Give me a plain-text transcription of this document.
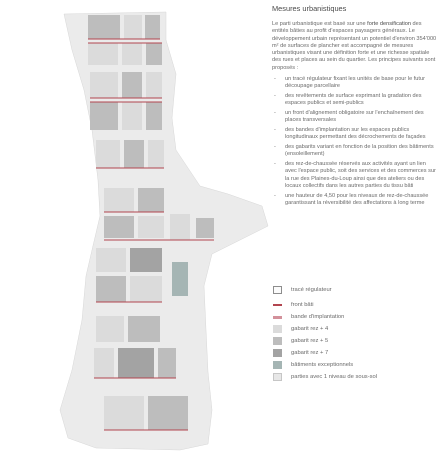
Mesures urbanistiques

Le parti urbanistique est basé sur une forte densification des entités bâties au profit d'espaces paysagers généraux. Le développement urbain représentant un potentiel d'environ 354'000 m² de surfaces de plancher est accompagné de mesures urbanistiques visant une définition forte et une richesse spatiale des rues et places au sein du quartier. Les principes suivants sont proposés :

- un tracé régulateur fixant les unités de base pour le futur découpage parcellaire
- des revêtements de surface exprimant la gradation des espaces publics et semi-publics
- un front d'alignement obligatoire sur l'enchaînement des places transversales
- des bandes d'implantation sur les espaces publics longitudinaux permettant des décrochements de façades
- des gabarits variant en fonction de la position des bâtiments (ensoleillement)
- des rez-de-chaussée réservés aux activités ayant un lien avec l'espace public, soit des services et des commerces sur la rue des Plaines-du-Loup ainsi que des ateliers ou des locaux collectifs dans les autres parties du tissu bâti
- une hauteur de 4,50 pour les niveaux de rez-de-chaussée garantissant la réversibilité des affectations à long terme
tracé régulateur
front bâti
bande d'implantation
gabarit rez + 4
gabarit rez + 5
gabarit rez + 7
bâtiments exceptionnels
parties avec 1 niveau de sous-sol
